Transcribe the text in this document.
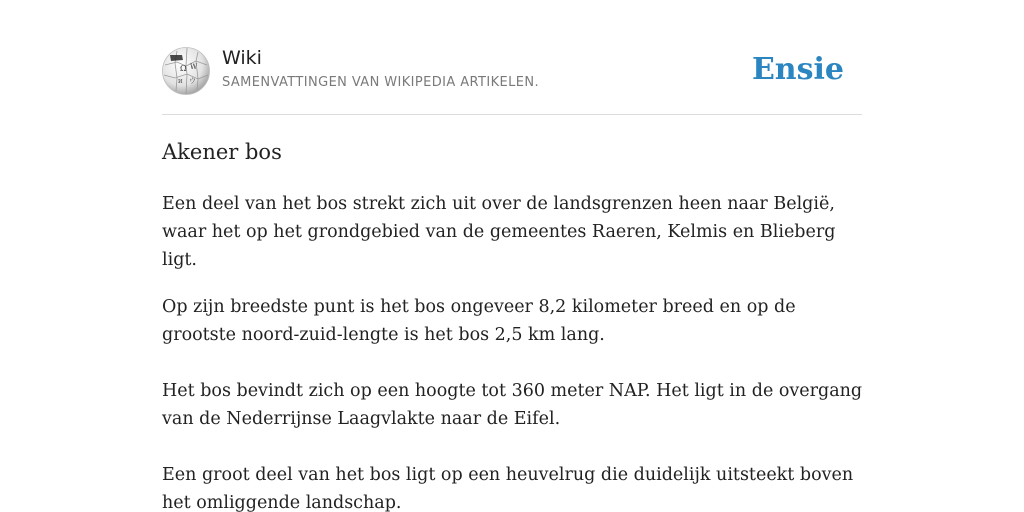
Ω W
и ウ
Wiki
SAMENVATTINGEN VAN WIKIPEDIA ARTIKELEN.	Ensie
Akener bos

Een deel van het bos strekt zich uit over de landsgrenzen heen naar België, waar het op het grondgebied van de gemeentes Raeren, Kelmis en Blieberg ligt.

Op zijn breedste punt is het bos ongeveer 8,2 kilometer breed en op de grootste noord-zuid-lengte is het bos 2,5 km lang.

Het bos bevindt zich op een hoogte tot 360 meter NAP. Het ligt in de overgang van de Nederrijnse Laagvlakte naar de Eifel.

Een groot deel van het bos ligt op een heuvelrug die duidelijk uitsteekt boven het omliggende landschap.
